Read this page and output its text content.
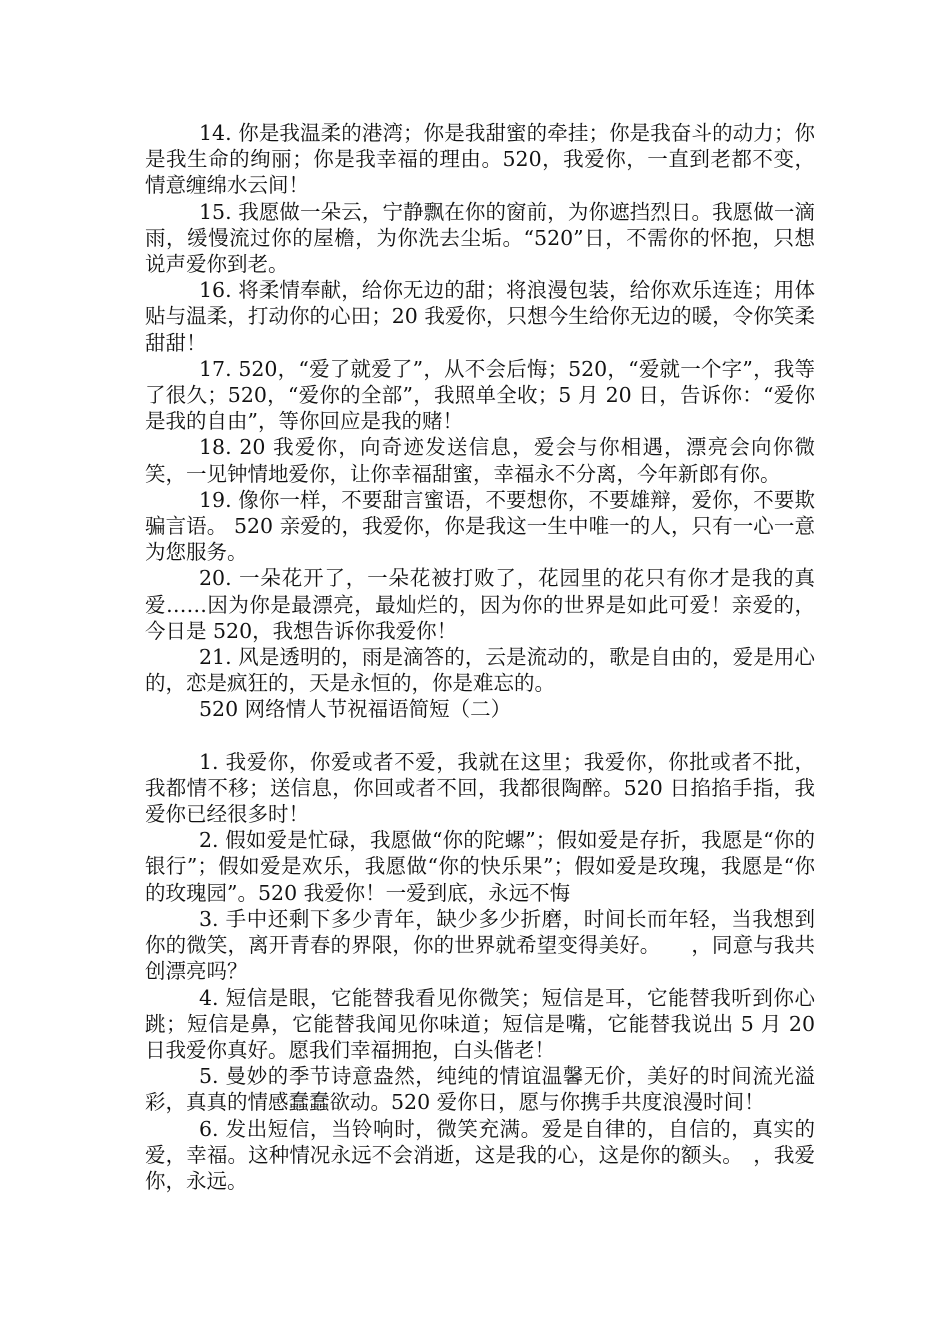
14. 你是我温柔的港湾；你是我甜蜜的牵挂；你是我奋斗的动力；你是我生命的绚丽；你是我幸福的理由。520，我爱你，一直到老都不变，情意缠绵水云间！

15. 我愿做一朵云，宁静飘在你的窗前，为你遮挡烈日。我愿做一滴雨，缓慢流过你的屋檐，为你洗去尘垢。“520”日，不需你的怀抱，只想说声爱你到老。

16. 将柔情奉献，给你无边的甜；将浪漫包装，给你欢乐连连；用体贴与温柔，打动你的心田；20 我爱你，只想今生给你无边的暖，令你笑柔甜甜！

17. 520，“爱了就爱了”，从不会后悔；520，“爱就一个字”，我等了很久；520，“爱你的全部”，我照单全收；5 月 20 日，告诉你：“爱你是我的自由”，等你回应是我的赌！

18. 20 我爱你，向奇迹发送信息，爱会与你相遇，漂亮会向你微笑，一见钟情地爱你，让你幸福甜蜜，幸福永不分离，今年新郎有你。

19. 像你一样，不要甜言蜜语，不要想你，不要雄辩，爱你，不要欺骗言语。 520 亲爱的，我爱你，你是我这一生中唯一的人，只有一心一意为您服务。

20. 一朵花开了，一朵花被打败了，花园里的花只有你才是我的真爱……因为你是最漂亮，最灿烂的，因为你的世界是如此可爱！亲爱的，今日是 520，我想告诉你我爱你！

21. 风是透明的，雨是滴答的，云是流动的，歌是自由的，爱是用心的，恋是疯狂的，天是永恒的，你是难忘的。

520 网络情人节祝福语简短（二）

1. 我爱你，你爱或者不爱，我就在这里；我爱你，你批或者不批，我都情不移；送信息，你回或者不回，我都很陶醉。520 日掐掐手指，我爱你已经很多时！

2. 假如爱是忙碌，我愿做“你的陀螺”；假如爱是存折，我愿是“你的银行”；假如爱是欢乐，我愿做“你的快乐果”；假如爱是玫瑰，我愿是“你的玫瑰园”。520 我爱你！一爱到底，永远不悔

3. 手中还剩下多少青年，缺少多少折磨，时间长而年轻，当我想到你的微笑，离开青春的界限，你的世界就希望变得美好。　　，同意与我共创漂亮吗？

4. 短信是眼，它能替我看见你微笑；短信是耳，它能替我听到你心跳；短信是鼻，它能替我闻见你味道；短信是嘴，它能替我说出 5 月 20 日我爱你真好。愿我们幸福拥抱，白头偕老！

5. 曼妙的季节诗意盎然，纯纯的情谊温馨无价，美好的时间流光溢彩，真真的情感蠢蠢欲动。520 爱你日，愿与你携手共度浪漫时间！

6. 发出短信，当铃响时，微笑充满。爱是自律的，自信的，真实的爱，幸福。这种情况永远不会消逝，这是我的心，这是你的额头。　，我爱你，永远。
